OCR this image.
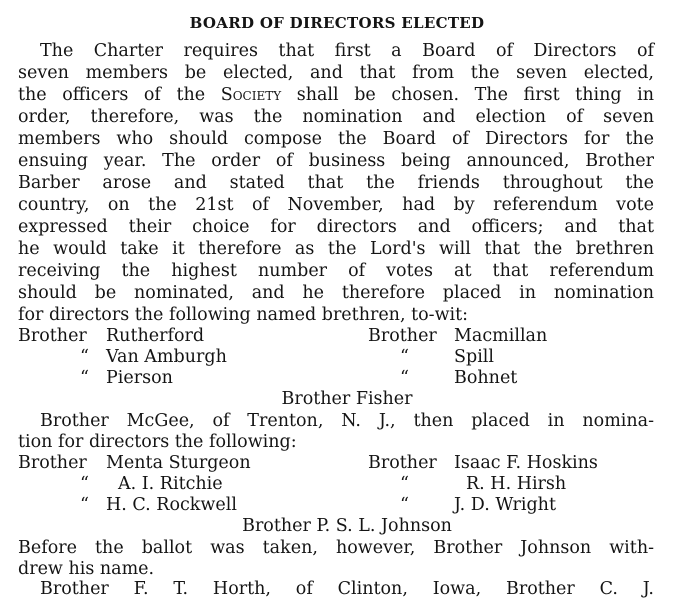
BOARD OF DIRECTORS ELECTED
The Charter requires that first a Board of Directors of
seven members be elected, and that from the seven elected,
the officers of the Society shall be chosen. The first thing in
order, therefore, was the nomination and election of seven
members who should compose the Board of Directors for the
ensuing year. The order of business being announced, Brother
Barber arose and stated that the friends throughout the
country, on the 21st of November, had by referendum vote
expressed their choice for directors and officers; and that
he would take it therefore as the Lord's will that the brethren
receiving the highest number of votes at that referendum
should be nominated, and he therefore placed in nomination
for directors the following named brethren, to-wit:
Brother Rutherford	Brother Macmillan
“ Van Amburgh	“	Spill
“ Pierson	“	Bohnet
Brother Fisher
Brother McGee, of Trenton, N. J., then placed in nomina-
tion for directors the following:
Brother Menta Sturgeon	Brother Isaac F. Hoskins
“ A. I. Ritchie	“	R. H. Hirsh
“ H. C. Rockwell	“	J. D. Wright
Brother P. S. L. Johnson
Before the ballot was taken, however, Brother Johnson with-
drew his name.
Brother F. T. Horth, of Clinton, Iowa, Brother C. J.
